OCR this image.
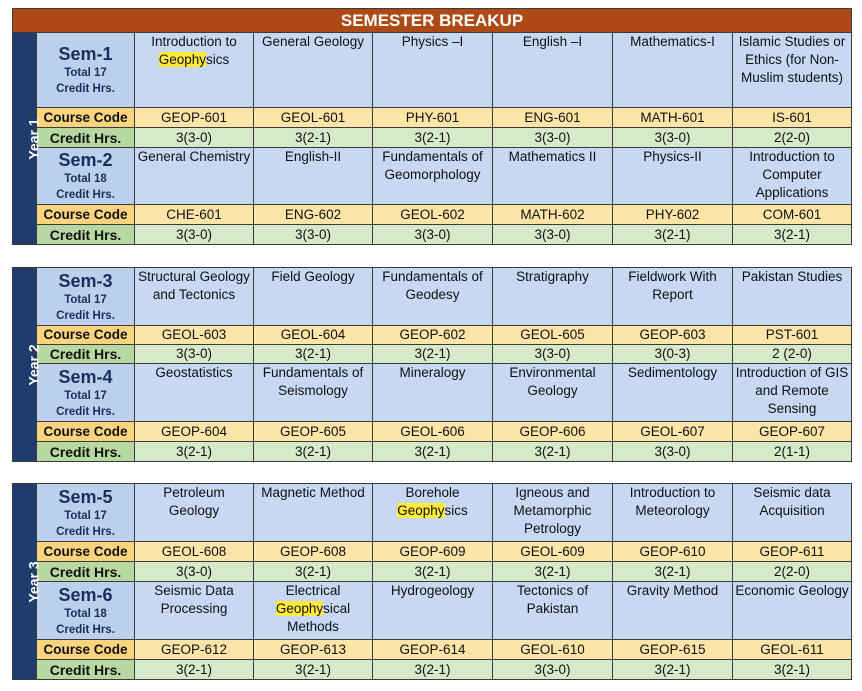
SEMESTER BREAKUP							
Year 1	Sem-1
Total 17
Credit Hrs.	Introduction to Geophysics	General Geology	Physics –I	English –I	Mathematics-I	Islamic Studies or Ethics (for Non-Muslim students)
	Course Code	GEOP-601	GEOL-601	PHY-601	ENG-601	MATH-601	IS-601
	Credit Hrs.	3(3-0)	3(2-1)	3(2-1)	3(3-0)	3(3-0)	2(2-0)

	Sem-2
Total 18
Credit Hrs.	General Chemistry	English-II	Fundamentals of Geomorphology	Mathematics II	Physics-II	Introduction to Computer Applications
	Course Code	CHE-601	ENG-602	GEOL-602	MATH-602	PHY-602	COM-601
	Credit Hrs.	3(3-0)	3(3-0)	3(3-0)	3(3-0)	3(2-1)	3(2-1)
Year 2	Sem-3
Total 17
Credit Hrs.	Structural Geology and Tectonics	Field Geology	Fundamentals of Geodesy	Stratigraphy	Fieldwork With Report	Pakistan Studies
	Course Code	GEOL-603	GEOL-604	GEOP-602	GEOL-605	GEOP-603	PST-601
	Credit Hrs.	3(3-0)	3(2-1)	3(2-1)	3(3-0)	3(0-3)	2 (2-0)

	Sem-4
Total 17
Credit Hrs.	Geostatistics	Fundamentals of Seismology	Mineralogy	Environmental Geology	Sedimentology	Introduction of GIS and Remote Sensing
	Course Code	GEOP-604	GEOP-605	GEOL-606	GEOP-606	GEOL-607	GEOP-607
	Credit Hrs.	3(2-1)	3(2-1)	3(2-1)	3(2-1)	3(3-0)	2(1-1)
Year 3	Sem-5
Total 17
Credit Hrs.	Petroleum Geology	Magnetic Method	Borehole Geophysics	Igneous and Metamorphic Petrology	Introduction to Meteorology	Seismic data Acquisition
	Course Code	GEOL-608	GEOP-608	GEOP-609	GEOL-609	GEOP-610	GEOP-611
	Credit Hrs.	3(3-0)	3(2-1)	3(2-1)	3(2-1)	3(2-1)	2(2-0)

	Sem-6
Total 18
Credit Hrs.	Seismic Data Processing	Electrical Geophysical Methods	Hydrogeology	Tectonics of Pakistan	Gravity Method	Economic Geology
	Course Code	GEOP-612	GEOP-613	GEOP-614	GEOL-610	GEOP-615	GEOL-611
	Credit Hrs.	3(2-1)	3(2-1)	3(2-1)	3(3-0)	3(2-1)	3(2-1)
